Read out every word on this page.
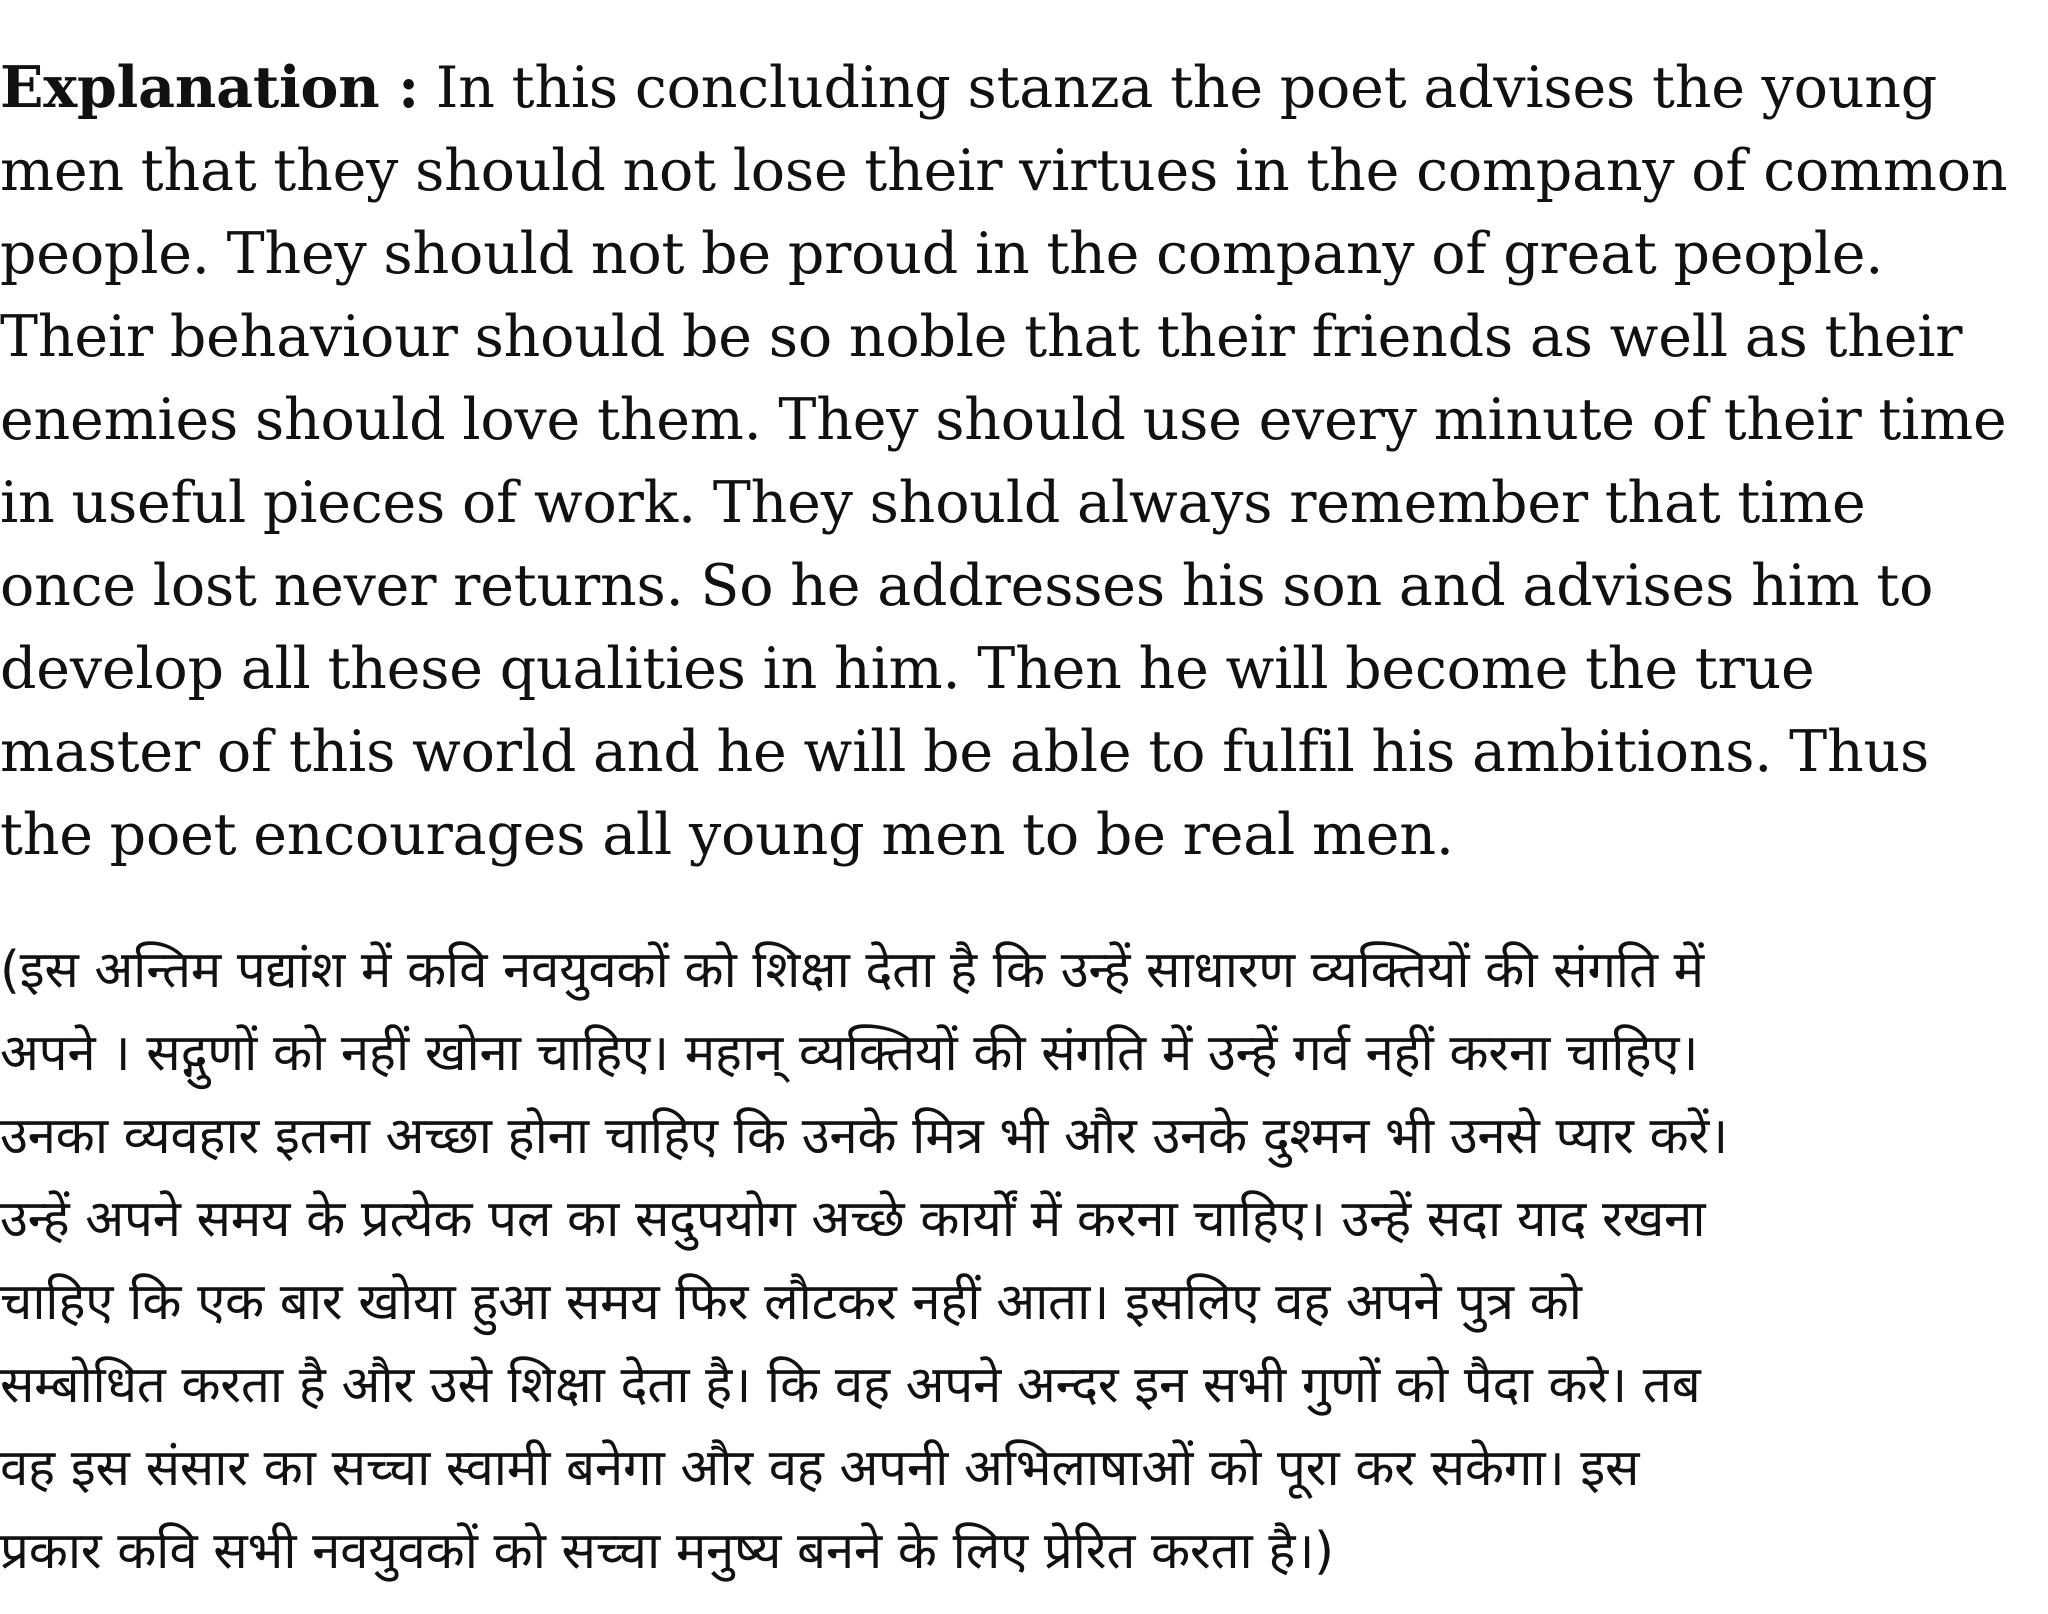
Explanation : In this concluding stanza the poet advises the young
men that they should not lose their virtues in the company of common
people. They should not be proud in the company of great people.
Their behaviour should be so noble that their friends as well as their
enemies should love them. They should use every minute of their time
in useful pieces of work. They should always remember that time
once lost never returns. So he addresses his son and advises him to
develop all these qualities in him. Then he will become the true
master of this world and he will be able to fulfil his ambitions. Thus
the poet encourages all young men to be real men.

(इस अन्तिम पद्यांश में कवि नवयुवकों को शिक्षा देता है कि उन्हें साधारण व्यक्तियों की संगति में
अपने । सद्गुणों को नहीं खोना चाहिए। महान् व्यक्तियों की संगति में उन्हें गर्व नहीं करना चाहिए।
उनका व्यवहार इतना अच्छा होना चाहिए कि उनके मित्र भी और उनके दुश्मन भी उनसे प्यार करें।
उन्हें अपने समय के प्रत्येक पल का सदुपयोग अच्छे कार्यों में करना चाहिए। उन्हें सदा याद रखना
चाहिए कि एक बार खोया हुआ समय फिर लौटकर नहीं आता। इसलिए वह अपने पुत्र को
सम्बोधित करता है और उसे शिक्षा देता है। कि वह अपने अन्दर इन सभी गुणों को पैदा करे। तब
वह इस संसार का सच्चा स्वामी बनेगा और वह अपनी अभिलाषाओं को पूरा कर सकेगा। इस
प्रकार कवि सभी नवयुवकों को सच्चा मनुष्य बनने के लिए प्रेरित करता है।)
